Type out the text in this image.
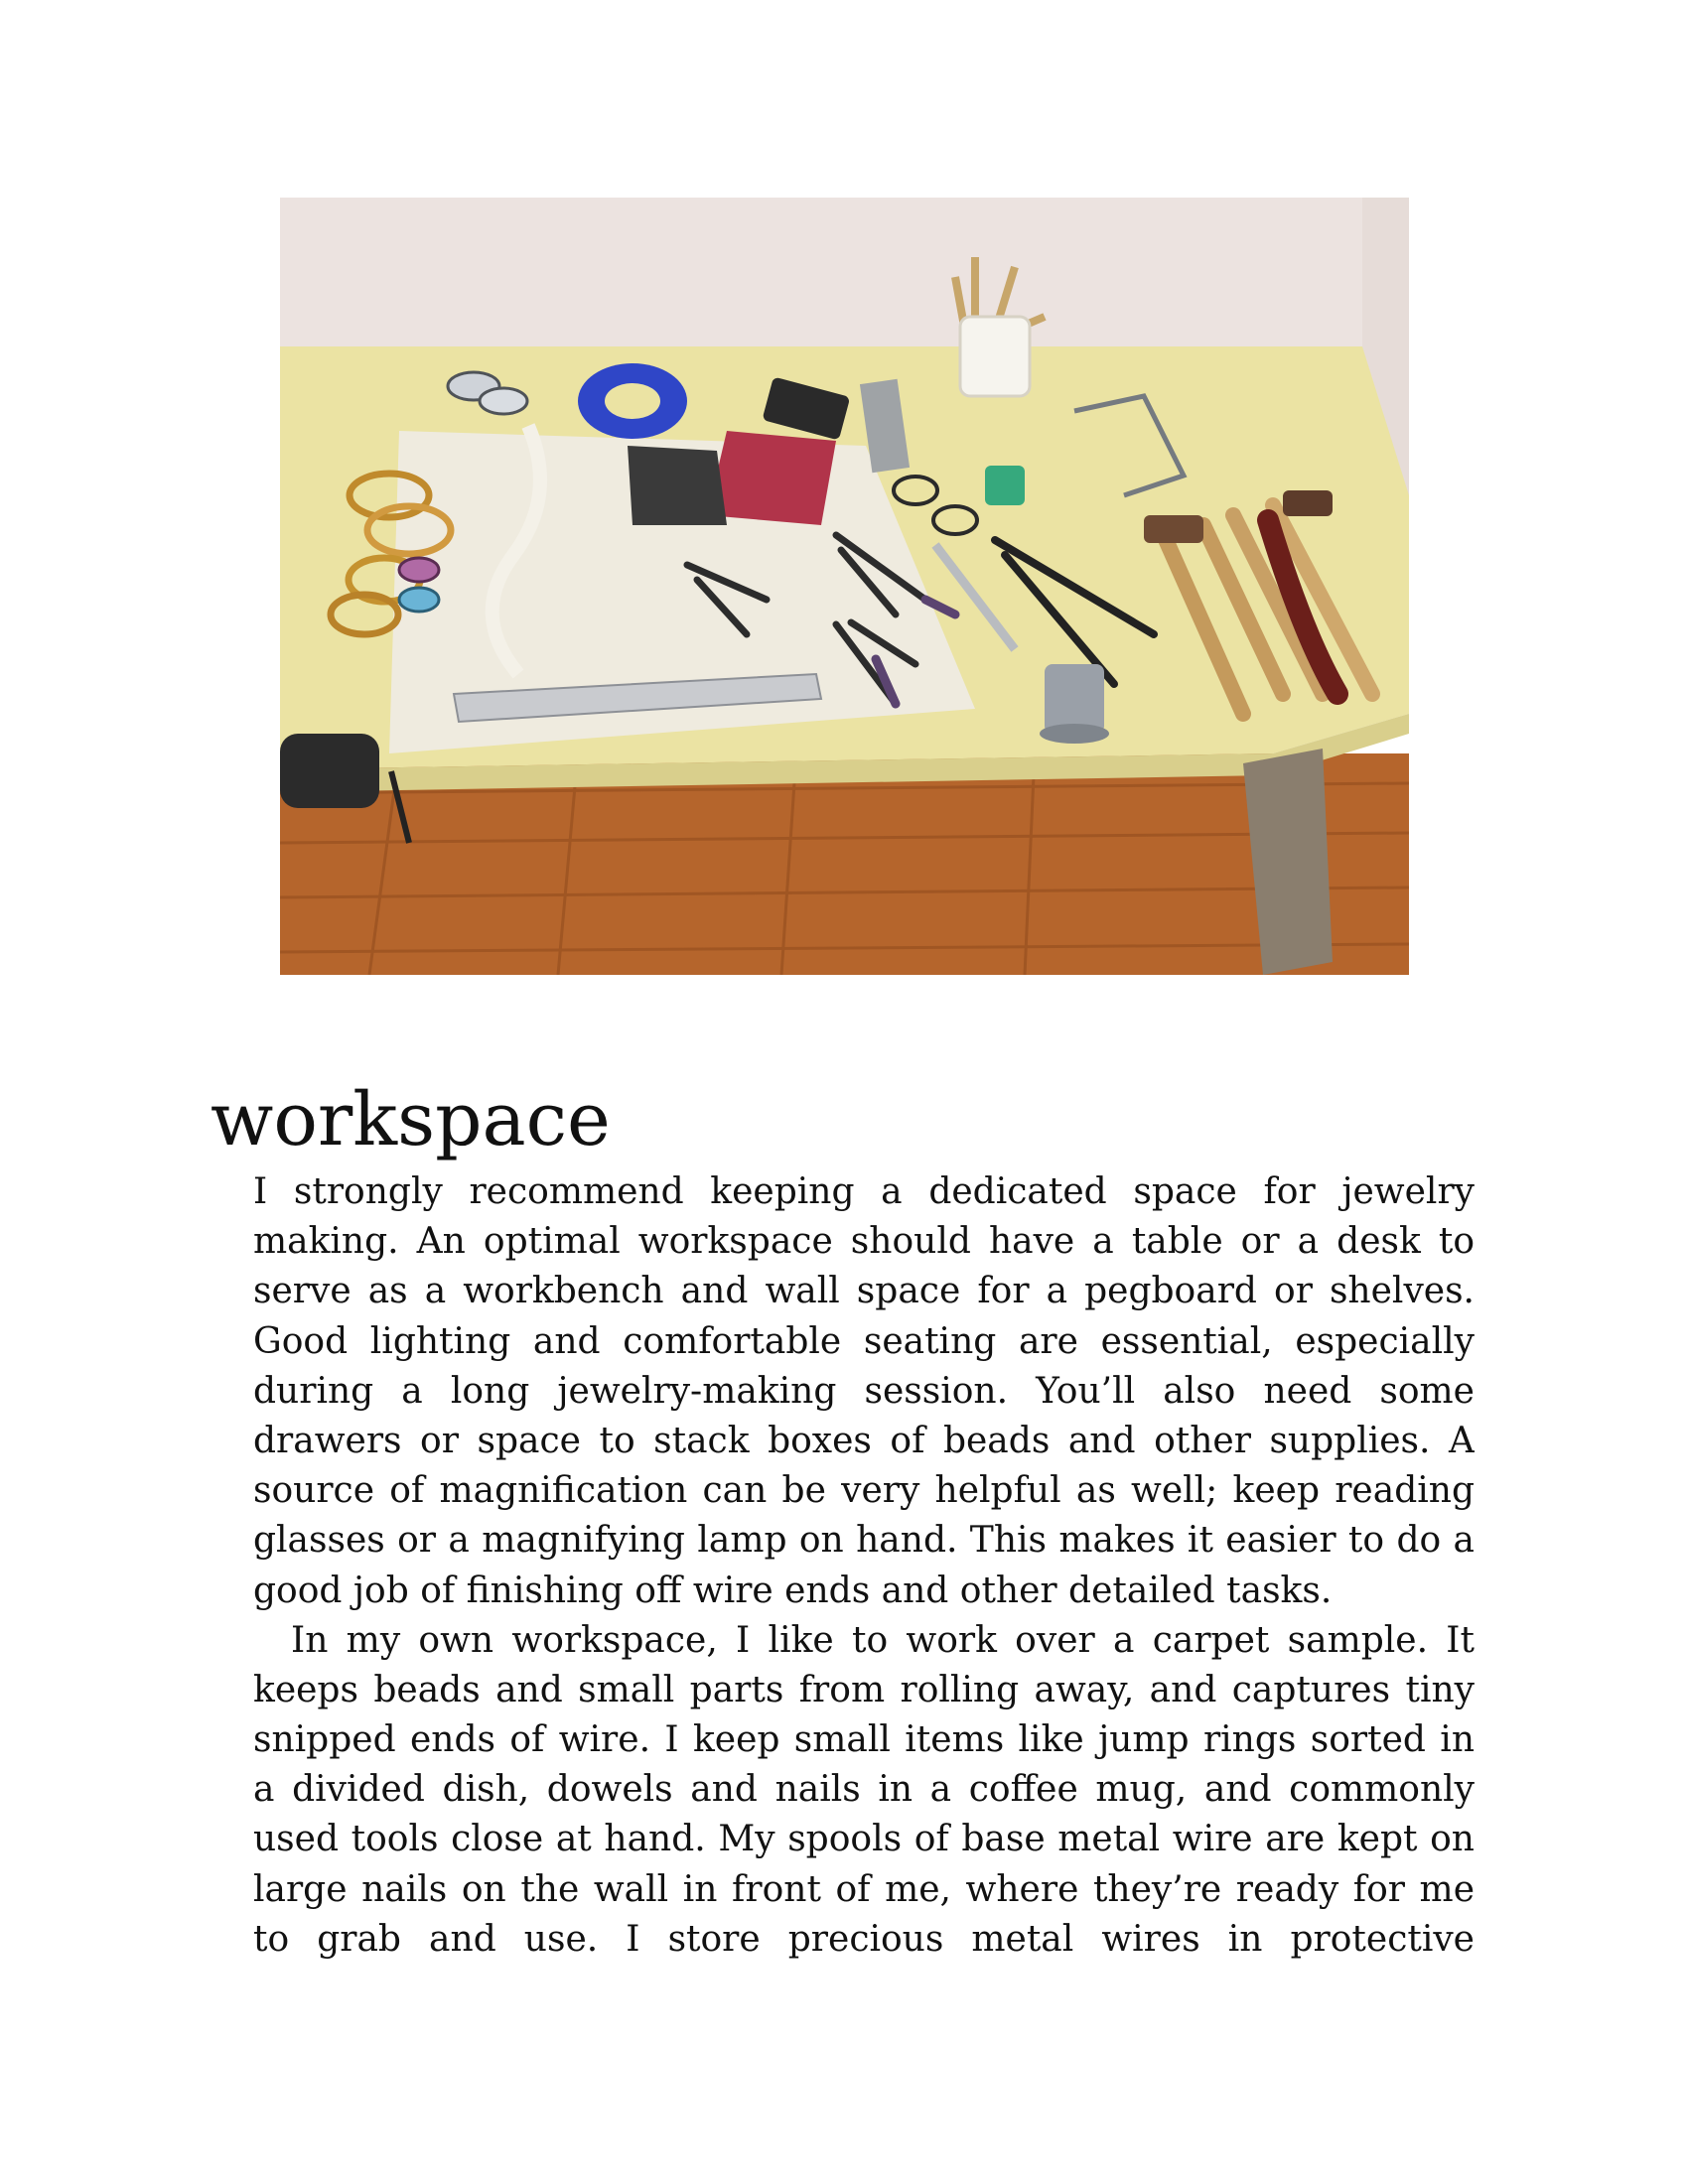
workspace
I strongly recommend keeping a dedicated space for jewelry
making. An optimal workspace should have a table or a desk to
serve as a workbench and wall space for a pegboard or shelves.
Good lighting and comfortable seating are essential, especially
during a long jewelry-making session. You’ll also need some
drawers or space to stack boxes of beads and other supplies. A
source of magnification can be very helpful as well; keep reading
glasses or a magnifying lamp on hand. This makes it easier to do a
good job of finishing off wire ends and other detailed tasks.
In my own workspace, I like to work over a carpet sample. It
keeps beads and small parts from rolling away, and captures tiny
snipped ends of wire. I keep small items like jump rings sorted in
a divided dish, dowels and nails in a coffee mug, and commonly
used tools close at hand. My spools of base metal wire are kept on
large nails on the wall in front of me, where they’re ready for me
to grab and use. I store precious metal wires in protective
